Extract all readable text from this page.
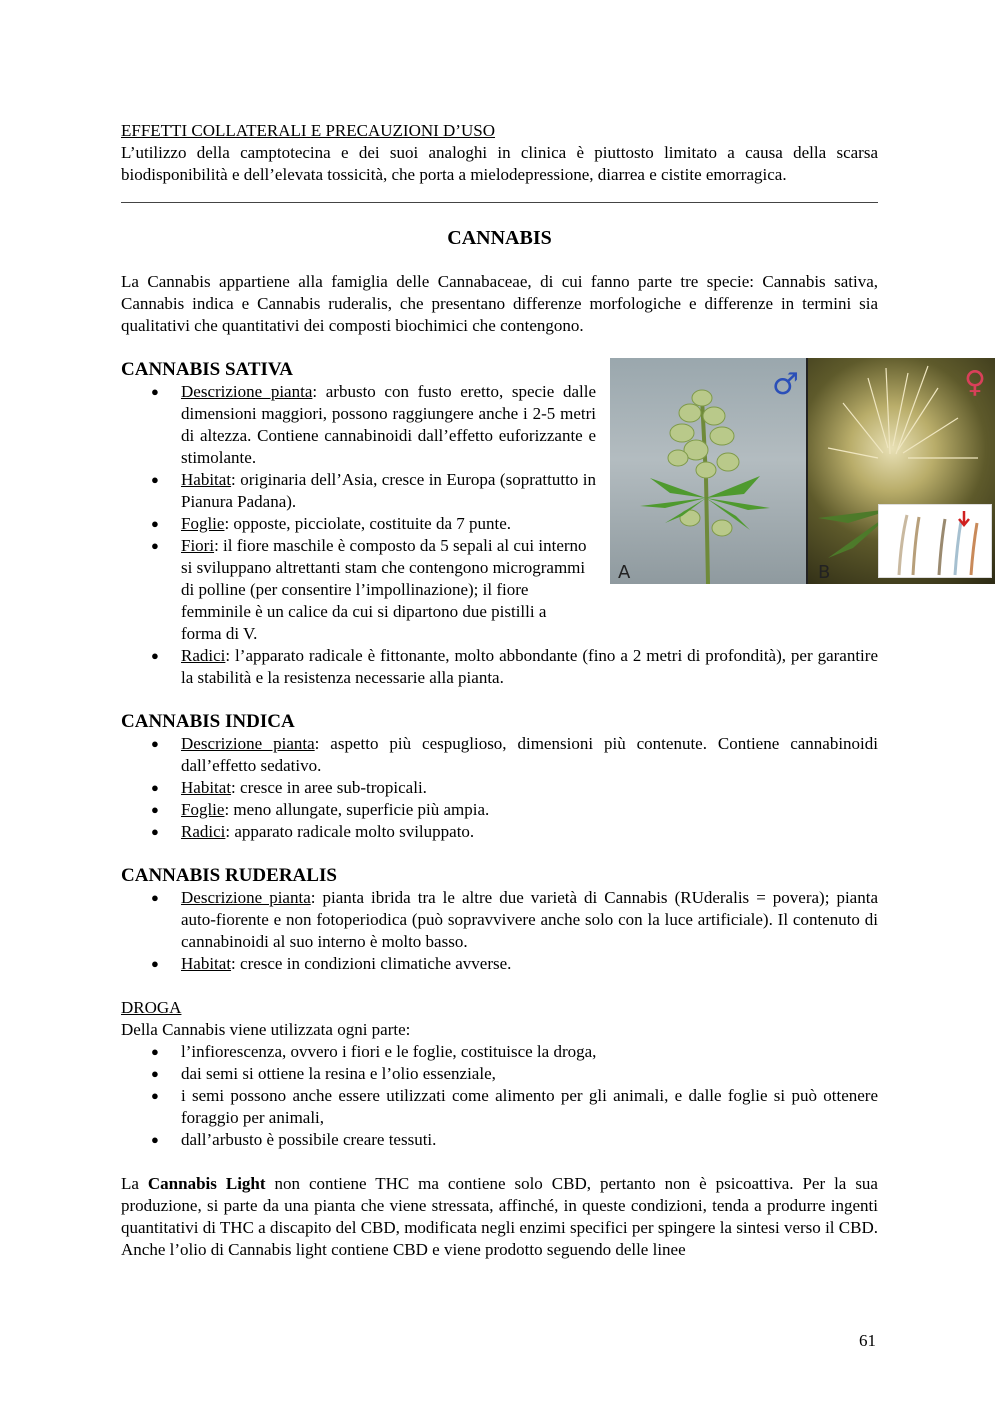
EFFETTI COLLATERALI E PRECAUZIONI D’USO
L’utilizzo della camptotecina e dei suoi analoghi in clinica è piuttosto limitato a causa della scarsa biodisponibilità e dell’elevata tossicità, che porta a mielodepressione, diarrea e cistite emorragica.
CANNABIS
La Cannabis appartiene alla famiglia delle Cannabaceae, di cui fanno parte tre specie: Cannabis sativa, Cannabis indica e Cannabis ruderalis, che presentano differenze morfologiche e differenze in termini sia qualitativi che quantitativi dei composti biochimici che contengono.
CANNABIS SATIVA
● Descrizione pianta: arbusto con fusto eretto, specie dalle dimensioni maggiori, possono raggiungere anche i 2-5 metri di altezza. Contiene cannabinoidi dall’effetto euforizzante e stimolante.
● Habitat: originaria dell’Asia, cresce in Europa (soprattutto in Pianura Padana).
● Foglie: opposte, picciolate, costituite da 7 punte.
● Fiori: il fiore maschile è composto da 5 sepali al cui interno si sviluppano altrettanti stam che contengono microgrammi di polline (per consentire l’impollinazione); il fiore femminile è un calice da cui si dipartono due pistilli a forma di V.
● Radici: l’apparato radicale è fittonante, molto abbondante (fino a 2 metri di profondità), per garantire la stabilità e la resistenza necessarie alla pianta.
CANNABIS INDICA
● Descrizione pianta: aspetto più cespuglioso, dimensioni più contenute. Contiene cannabinoidi dall’effetto sedativo.
● Habitat: cresce in aree sub-tropicali.
● Foglie: meno allungate, superficie più ampia.
● Radici: apparato radicale molto sviluppato.
CANNABIS RUDERALIS
● Descrizione pianta: pianta ibrida tra le altre due varietà di Cannabis (RUderalis = povera); pianta auto-fiorente e non fotoperiodica (può sopravvivere anche solo con la luce artificiale). Il contenuto di cannabinoidi al suo interno è molto basso.
● Habitat: cresce in condizioni climatiche avverse.
DROGA
Della Cannabis viene utilizzata ogni parte:
● l’infiorescenza, ovvero i fiori e le foglie, costituisce la droga,
● dai semi si ottiene la resina e l’olio essenziale,
● i semi possono anche essere utilizzati come alimento per gli animali, e dalle foglie si può ottenere foraggio per animali,
● dall’arbusto è possibile creare tessuti.
La Cannabis Light non contiene THC ma contiene solo CBD, pertanto non è psicoattiva. Per la sua produzione, si parte da una pianta che viene stressata, affinché, in queste condizioni, tenda a produrre ingenti quantitativi di THC a discapito del CBD, modificata negli enzimi specifici per spingere la sintesi verso il CBD. Anche l’olio di Cannabis light contiene CBD e viene prodotto seguendo delle linee
♂
A
♀
B
61
